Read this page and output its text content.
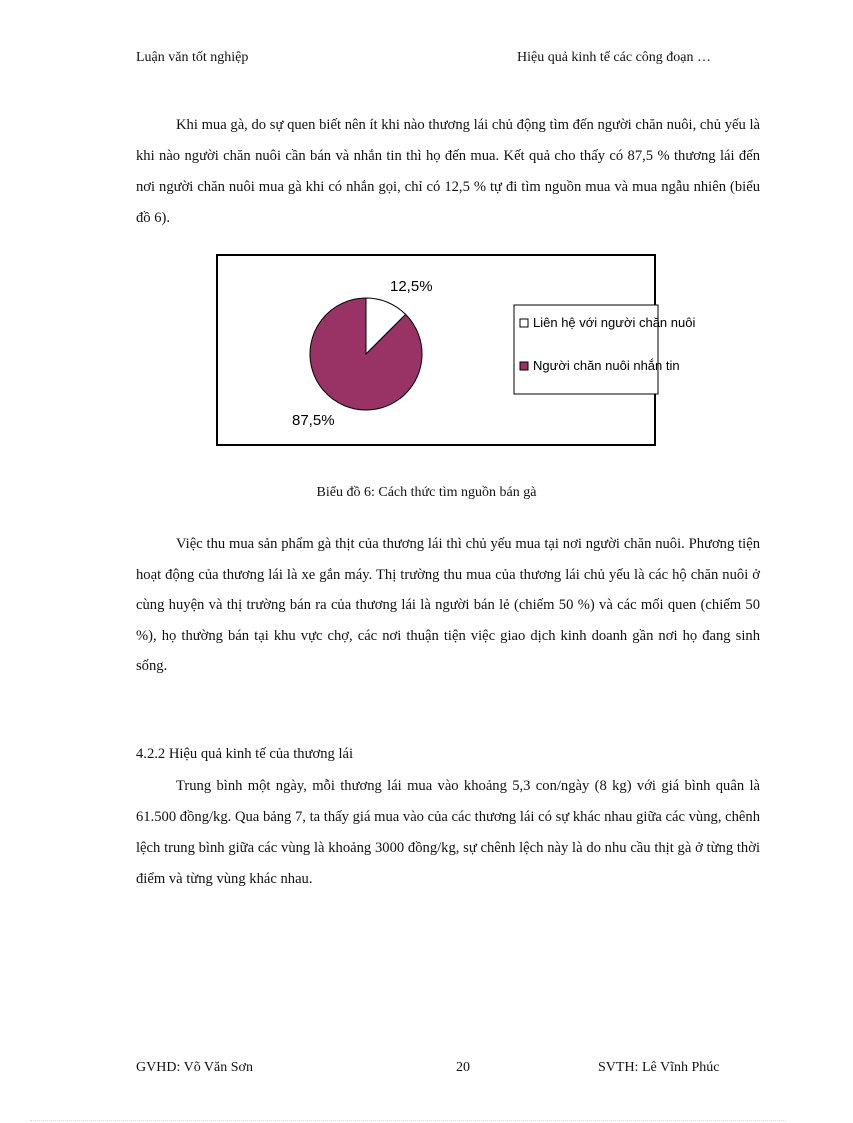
Luận văn tốt nghiệp	Hiệu quả kinh tế các công đoạn …

Khi mua gà, do sự quen biết nên ít khi nào thương lái chủ động tìm đến người chăn nuôi, chủ yếu là khi nào người chăn nuôi cần bán và nhắn tin thì họ đến mua. Kết quả cho thấy có 87,5 % thương lái đến nơi người chăn nuôi mua gà khi có nhắn gọi, chỉ có 12,5 % tự đi tìm nguồn mua và mua ngẫu nhiên (biểu đồ 6).

12,5%
87,5%
Liên hệ với người chăn nuôi
Người chăn nuôi nhắn tin
Biểu đồ 6: Cách thức tìm nguồn bán gà

Việc thu mua sản phẩm gà thịt của thương lái thì chủ yếu mua tại nơi người chăn nuôi. Phương tiện hoạt động của thương lái là xe gắn máy. Thị trường thu mua của thương lái chủ yếu là các hộ chăn nuôi ở cùng huyện và thị trường bán ra của thương lái là người bán lẻ (chiếm 50 %) và các mối quen (chiếm 50 %), họ thường bán tại khu vực chợ, các nơi thuận tiện việc giao dịch kinh doanh gần nơi họ đang sinh sống.

4.2.2 Hiệu quả kinh tế của thương lái

Trung bình một ngày, mỗi thương lái mua vào khoảng 5,3 con/ngày (8 kg) với giá bình quân là 61.500 đồng/kg. Qua bảng 7, ta thấy giá mua vào của các thương lái có sự khác nhau giữa các vùng, chênh lệch trung bình giữa các vùng là khoảng 3000 đồng/kg, sự chênh lệch này là do nhu cầu thịt gà ở từng thời điểm và từng vùng khác nhau.

GVHD: Võ Văn Sơn	20	SVTH: Lê Vĩnh Phúc
